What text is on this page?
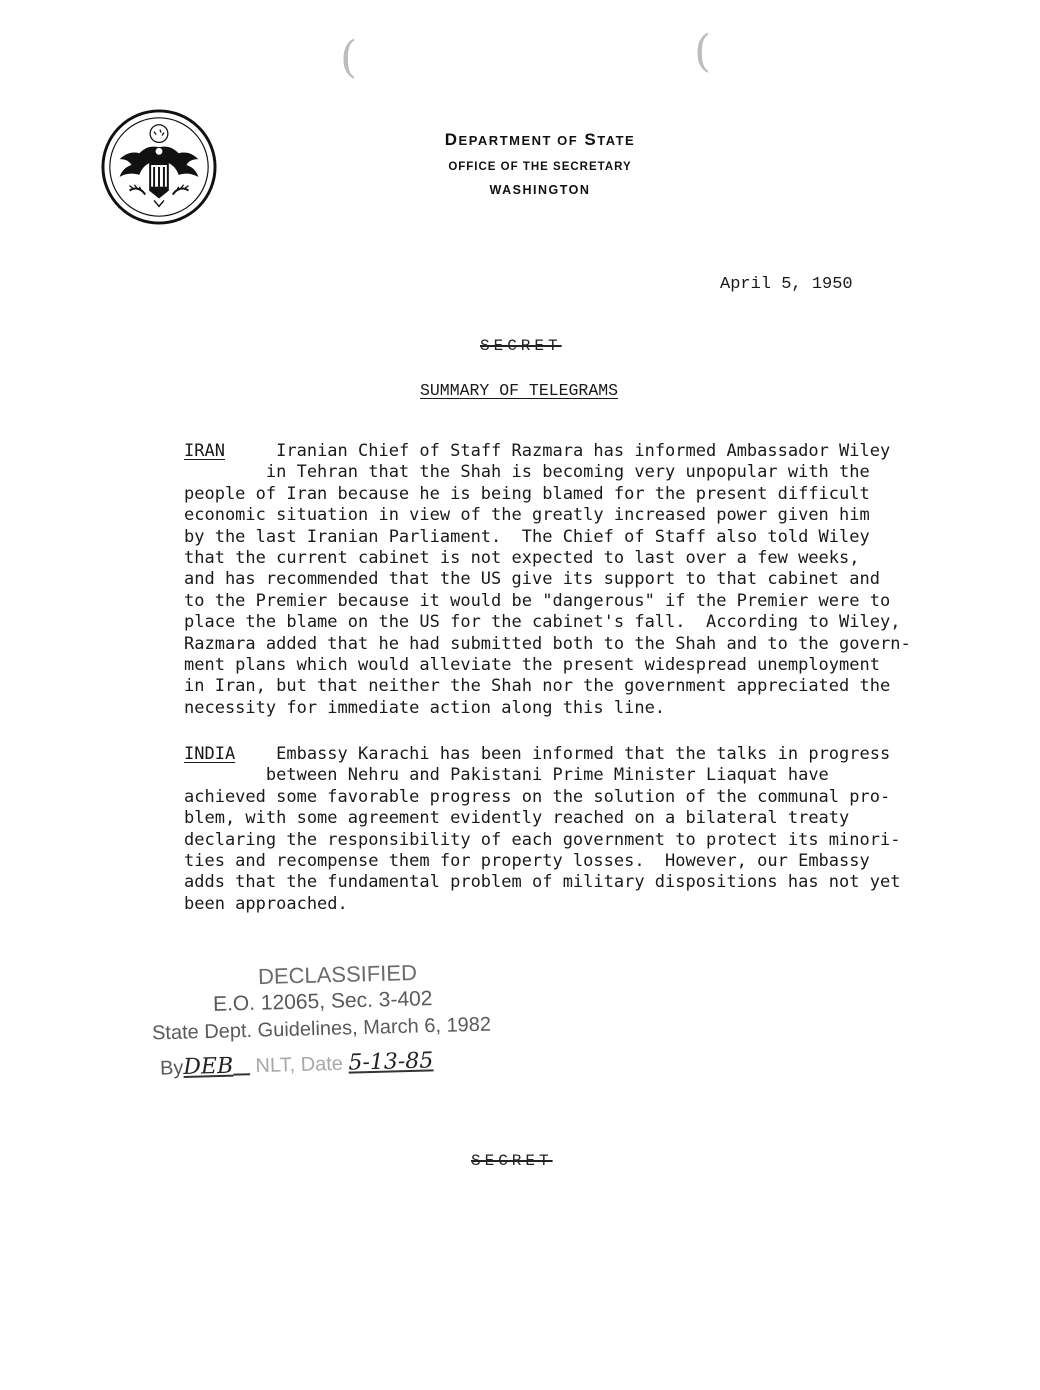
(	(
DEPARTMENT OF STATE
OFFICE OF THE SECRETARY
WASHINGTON
April 5, 1950
SECRET
SUMMARY OF TELEGRAMS
IRAN     Iranian Chief of Staff Razmara has informed Ambassador Wiley
in Tehran that the Shah is becoming very unpopular with the
people of Iran because he is being blamed for the present difficult
economic situation in view of the greatly increased power given him
by the last Iranian Parliament.  The Chief of Staff also told Wiley
that the current cabinet is not expected to last over a few weeks,
and has recommended that the US give its support to that cabinet and
to the Premier because it would be "dangerous" if the Premier were to
place the blame on the US for the cabinet's fall.  According to Wiley,
Razmara added that he had submitted both to the Shah and to the govern-
ment plans which would alleviate the present widespread unemployment
in Iran, but that neither the Shah nor the government appreciated the
necessity for immediate action along this line.
INDIA    Embassy Karachi has been informed that the talks in progress
between Nehru and Pakistani Prime Minister Liaquat have
achieved some favorable progress on the solution of the communal pro-
blem, with some agreement evidently reached on a bilateral treaty
declaring the responsibility of each government to protect its minori-
ties and recompense them for property losses.  However, our Embassy
adds that the fundamental problem of military dispositions has not yet
been approached.
DECLASSIFIED
E.O. 12065, Sec. 3-402
State Dept. Guidelines, March 6, 1982
ByDEB NLT, Date 5-13-85
SECRET
